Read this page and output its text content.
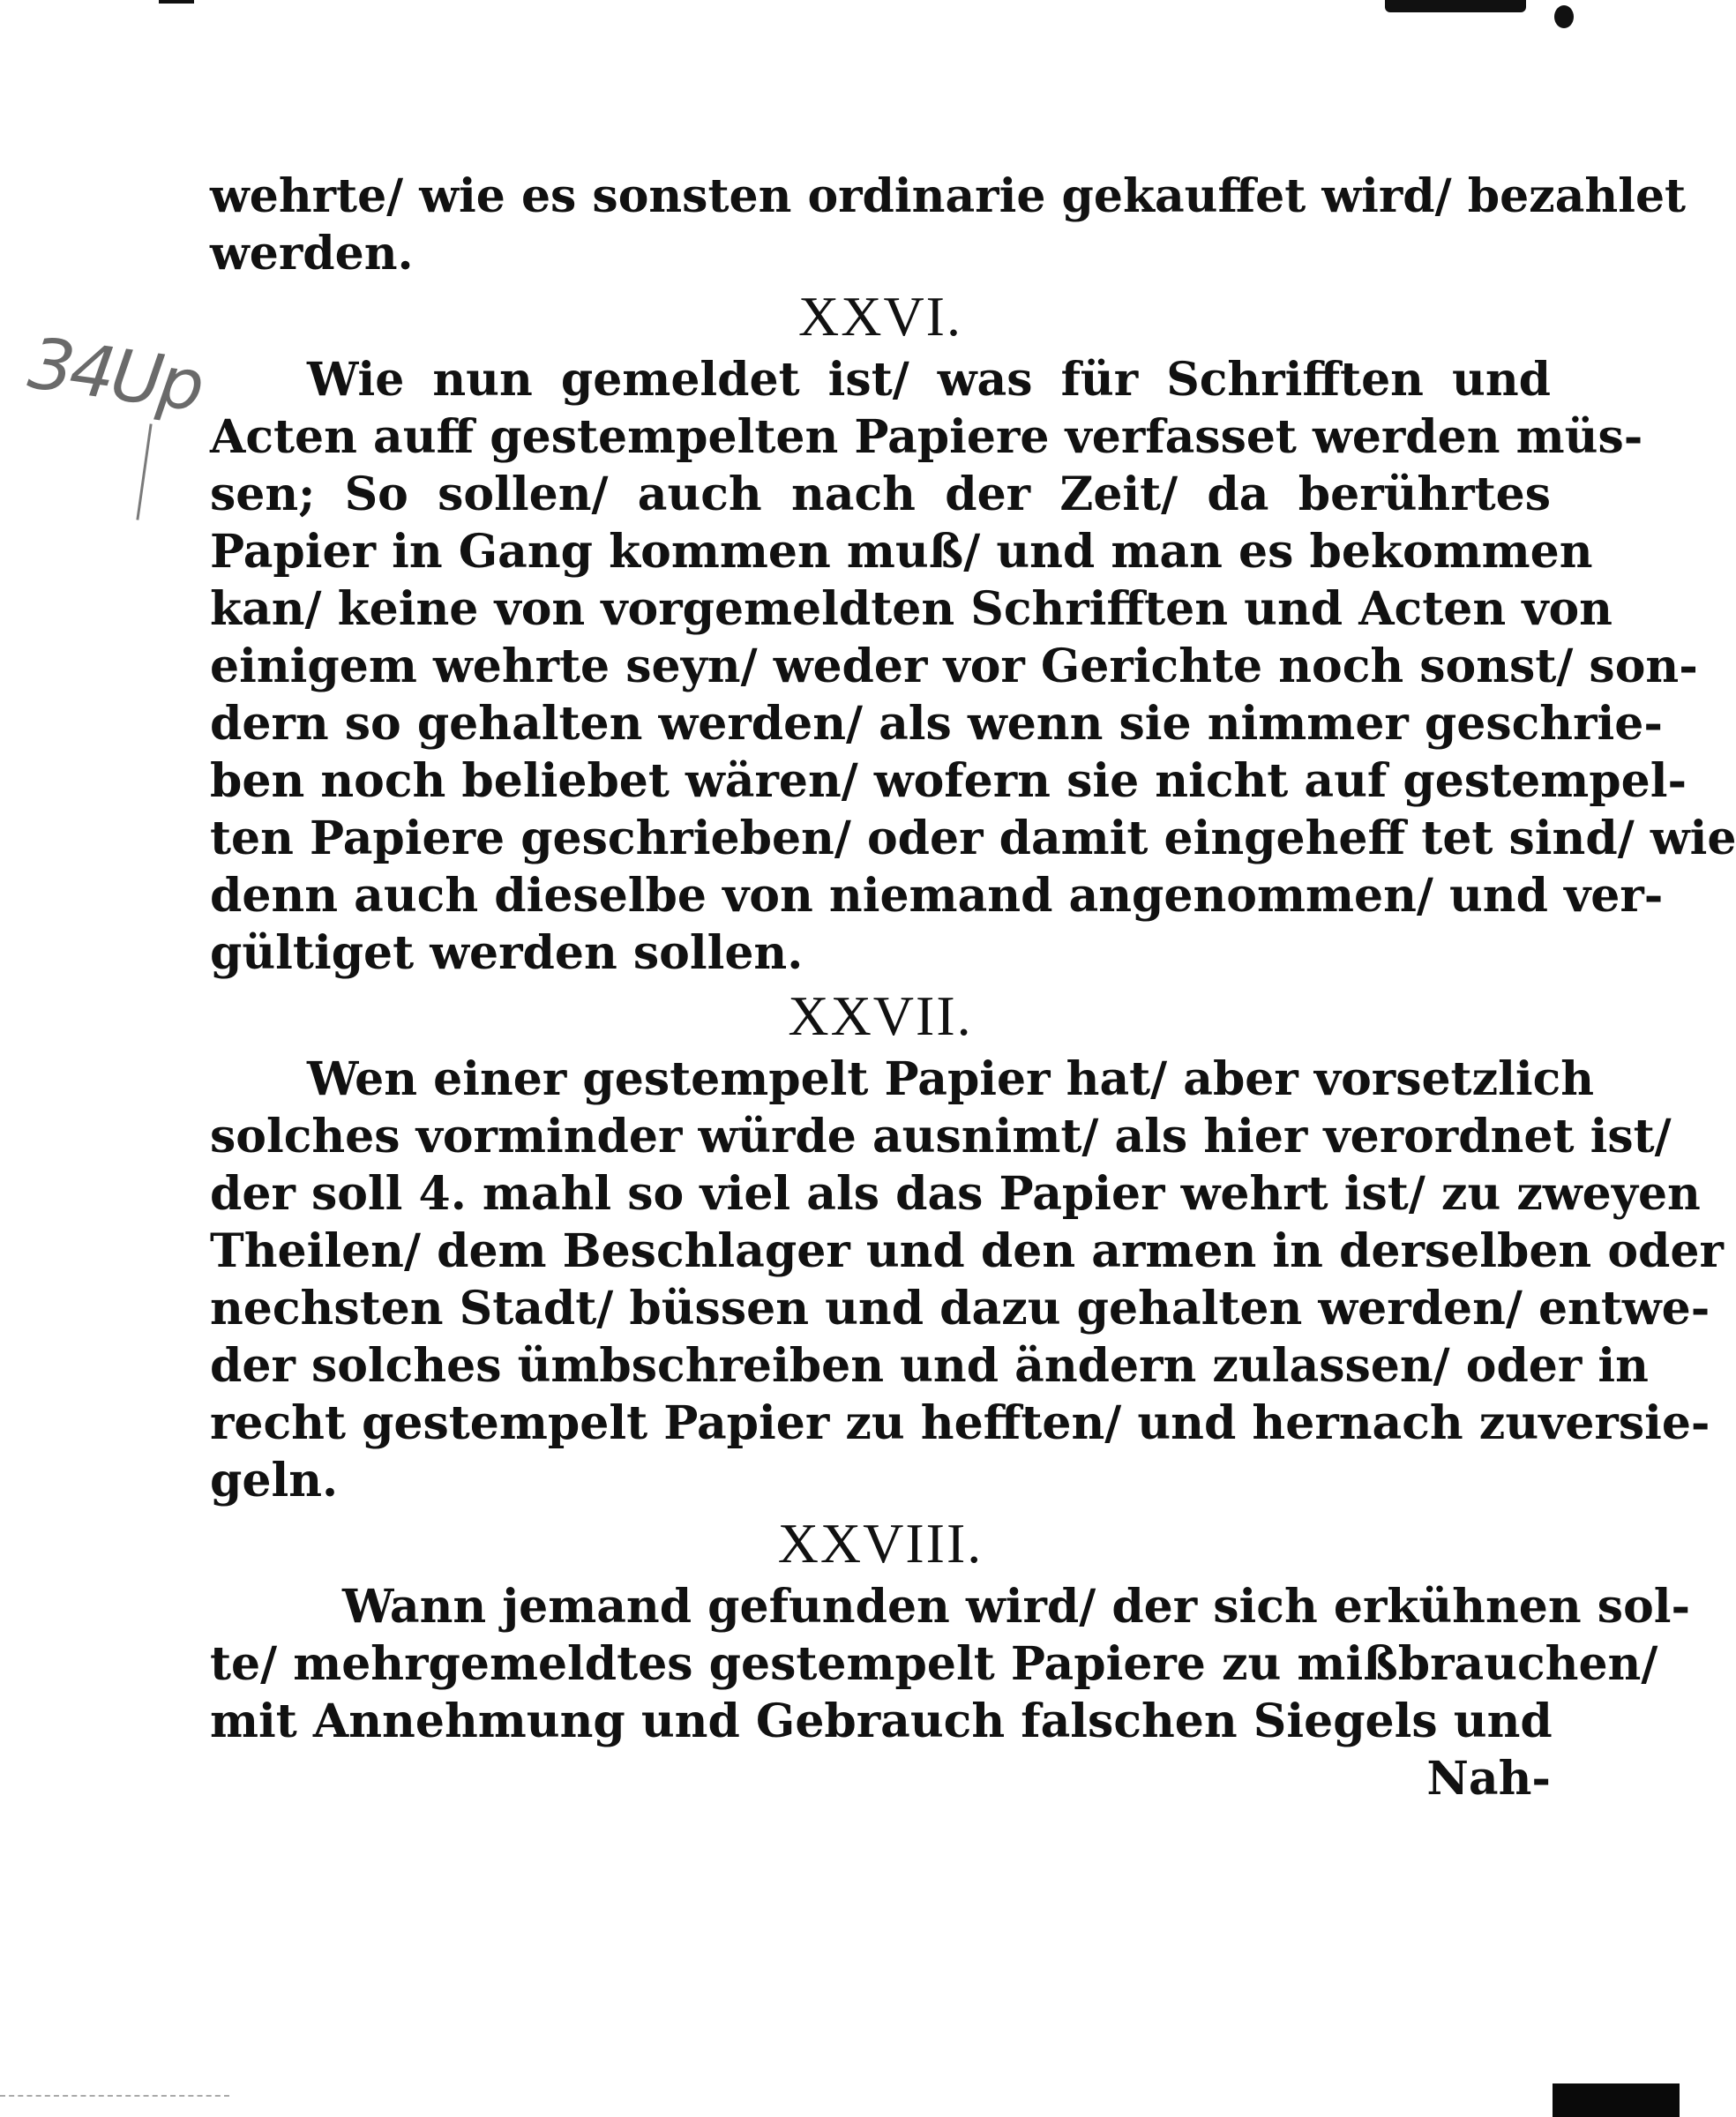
34Up
wehrte/ wie es sonsten ordinarie gekauffet wird/ bezahlet
werden.
XXVI.
Wie nun gemeldet ist/ was für Schrifften und
Acten auff gestempelten Papiere verfasset werden müs-
sen; So sollen/ auch nach der Zeit/ da berührtes
Papier in Gang kommen muß/ und man es bekommen
kan/ keine von vorgemeldten Schrifften und Acten von
einigem wehrte seyn/ weder vor Gerichte noch sonst/ son-
dern so gehalten werden/ als wenn sie nimmer geschrie-
ben noch beliebet wären/ wofern sie nicht auf gestempel-
ten Papiere geschrieben/ oder damit eingeheff tet sind/ wie
denn auch dieselbe von niemand angenommen/ und ver-
gültiget werden sollen.
XXVII.
Wen einer gestempelt Papier hat/ aber vorsetzlich
solches vorminder würde ausnimt/ als hier verordnet ist/
der soll 4. mahl so viel als das Papier wehrt ist/ zu zweyen
Theilen/ dem Beschlager und den armen in derselben oder
nechsten Stadt/ büssen und dazu gehalten werden/ entwe-
der solches ümbschreiben und ändern zulassen/ oder in
recht gestempelt Papier zu hefften/ und hernach zuversie-
geln.
XXVIII.
Wann jemand gefunden wird/ der sich erkühnen sol-
te/ mehrgemeldtes gestempelt Papiere zu mißbrauchen/
mit Annehmung und Gebrauch falschen Siegels und
Nah-
